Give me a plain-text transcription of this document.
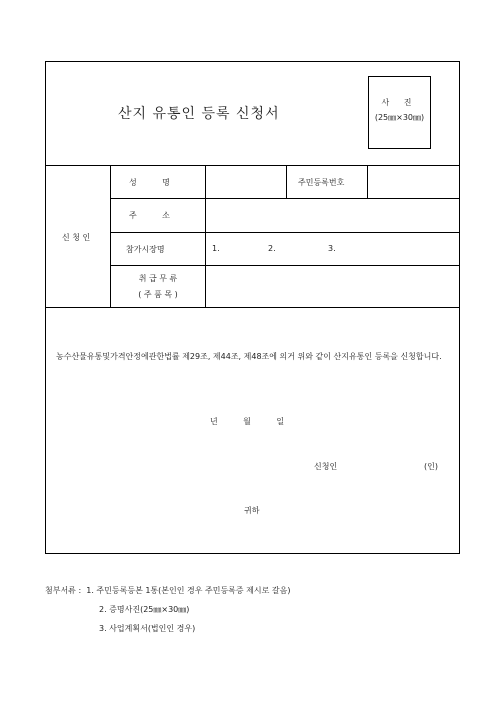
산지 유통인 등록 신청서
사 진
(25㎜×30㎜)
신 청 인
성          명	주민등록번호
주          소
참가시장명	1.	2.	3.
취 급 무 류
( 주 품 목 )
농수산물유통및가격안정에관한법률 제29조, 제44조, 제48조에 의거 위와 같이 산지유통인 등록을 신청합니다.
년          월          일
신청인	(인)
귀하
첨부서류 : 1. 주민등록등본 1통(본인인 경우 주민등록증 제시로 갈음)
2. 증명사진(25㎜×30㎜)
3. 사업계획서(법인인 경우)
